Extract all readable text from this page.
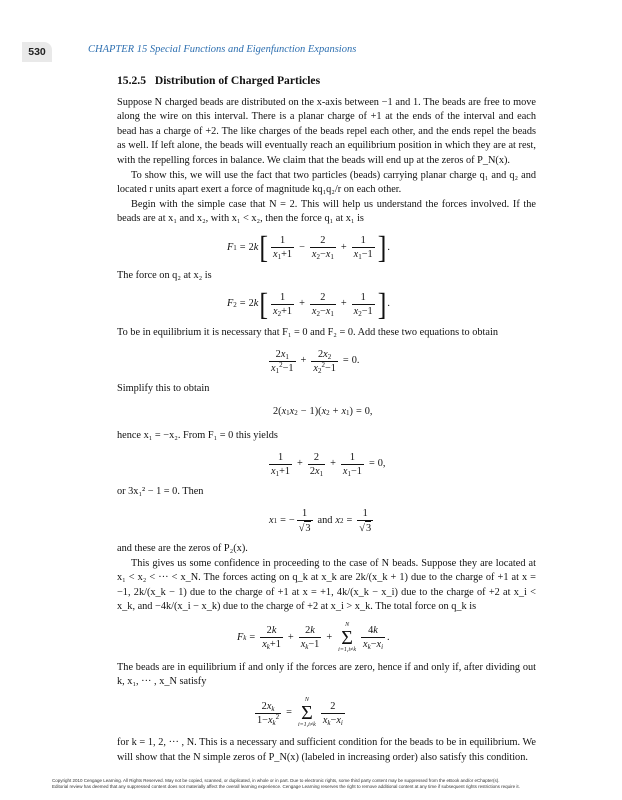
530	CHAPTER 15 Special Functions and Eigenfunction Expansions
15.2.5 Distribution of Charged Particles

Suppose N charged beads are distributed on the x-axis between −1 and 1. The beads are free to move along the wire on this interval. There is a planar charge of +1 at the ends of the interval and each bead has a charge of +2. The like charges of the beads repel each other, and the ends repel the beads as well. If left alone, the beads will eventually reach an equilibrium position in which they are at rest, with the repelling forces in balance. We claim that the beads will end up at the zeros of P_N(x).

To show this, we will use the fact that two particles (beads) carrying planar charge q₁ and q₂ and located r units apart exert a force of magnitude kq₁q₂/r on each other.

Begin with the simple case that N = 2. This will help us understand the forces involved. If the beads are at x₁ and x₂, with x₁ < x₂, then the force q₁ at x₁ is

F 1 = 2 k [ $\frac{1}{x_1+1} - \frac{2}{x_2-x_1} + \frac{1}{x_1-1}$ ] .

The force on q₂ at x₂ is

F 2 = 2 k [ $\frac{1}{x_2+1} + \frac{2}{x_2-x_1} + \frac{1}{x_2-1}$ ] .

To be in equilibrium it is necessary that F₁ = 0 and F₂ = 0. Add these two equations to obtain

$\frac{2x_1}{x_1^2-1} + \frac{2x_2}{x_2^2-1} = 0$.

Simplify this to obtain

2( x 1 x 2 − 1)( x 2 + x 1 ) = 0,

hence x₁ = −x₂. From F₁ = 0 this yields

$\frac{1}{x_1+1} + \frac{2}{2x_1} + \frac{1}{x_1-1} = 0$,

or 3x₁² − 1 = 0. Then

x 1 = − $\frac{1}{√3}$ and x $2 = \frac{1}{√3}$

and these are the zeros of P₂(x).

This gives us some confidence in proceeding to the case of N beads. Suppose they are located at x₁ < x₂ < ··· < x_N. The forces acting on q_k at x_k are 2k/(x_k + 1) due to the charge of +1 at x = −1, 2k/(x_k − 1) due to the charge of +1 at x = +1, 4k/(x_k − x_i) due to the charge of +2 at x_i < x_k, and −4k/(x_i − x_k) due to the charge of +2 at x_i > x_k. The total force on q_k is

F $k = \frac{2k}{x_k+1} + \frac{2k}{x_k-1}$ +
N
Σ
$i=1,i\ne k \frac{4k}{x_k-x_i}$ .

The beads are in equilibrium if and only if the forces are zero, hence if and only if, after dividing out k, x₁, ··· , x_N satisfy

$\frac{2x_k}{1-x_k^2}$ =
N
Σ
$i=1,i\ne k \frac{2}{x_k-x_i}$

for k = 1, 2, ··· , N. This is a necessary and sufficient condition for the beads to be in equilibrium. We will show that the N simple zeros of P_N(x) (labeled in increasing order) also satisfy this condition.

Copyright 2010 Cengage Learning. All Rights Reserved. May not be copied, scanned, or duplicated, in whole or in part. Due to electronic rights, some third party content may be suppressed from the eBook and/or eChapter(s).
Editorial review has deemed that any suppressed content does not materially affect the overall learning experience. Cengage Learning reserves the right to remove additional content at any time if subsequent rights restrictions require it.
